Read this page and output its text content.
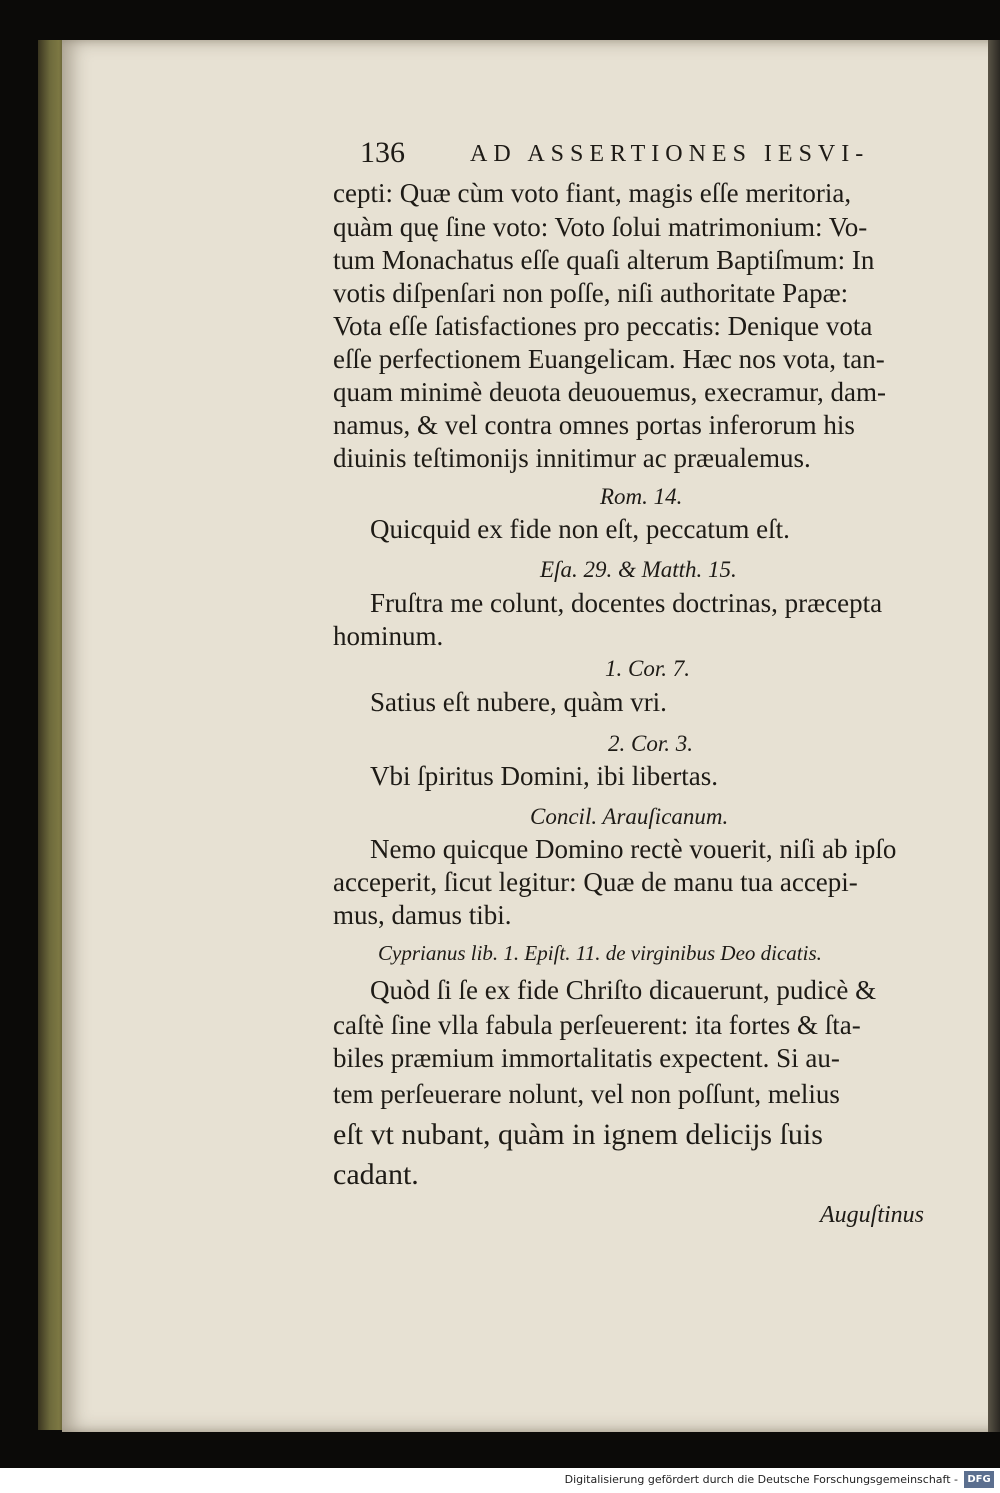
136	AD ASSERTIONES IESVI-
cepti: Quæ cùm voto fiant, magis eſſe meritoria,
quàm quę ſine voto: Voto ſolui matrimonium: Vo-
tum Monachatus eſſe quaſi alterum Baptiſmum: In
votis diſpenſari non poſſe, niſi authoritate Papæ:
Vota eſſe ſatisfactiones pro peccatis: Denique vota
eſſe perfectionem Euangelicam. Hæc nos vota, tan-
quam minimè deuota deuouemus, execramur, dam-
namus, & vel contra omnes portas inferorum his
diuinis teſtimonijs innitimur ac præualemus.
Rom. 14.
Quicquid ex fide non eſt, peccatum eſt.
Eſa. 29. & Matth. 15.
Fruſtra me colunt, docentes doctrinas, præcepta
hominum.
1. Cor. 7.
Satius eſt nubere, quàm vri.
2. Cor. 3.
Vbi ſpiritus Domini, ibi libertas.
Concil. Arauſicanum.
Nemo quicque Domino rectè vouerit, niſi ab ipſo
acceperit, ſicut legitur: Quæ de manu tua accepi-
mus, damus tibi.
Cyprianus lib. 1. Epiſt. 11. de virginibus Deo dicatis.
Quòd ſi ſe ex fide Chriſto dicauerunt, pudicè &
caſtè ſine vlla fabula perſeuerent: ita fortes & ſta-
biles præmium immortalitatis expectent. Si au-
tem perſeuerare nolunt, vel non poſſunt, melius
eſt vt nubant, quàm in ignem delicijs ſuis
cadant.
Auguſtinus
Digitalisierung gefördert durch die Deutsche Forschungsgemeinschaft - DFG
